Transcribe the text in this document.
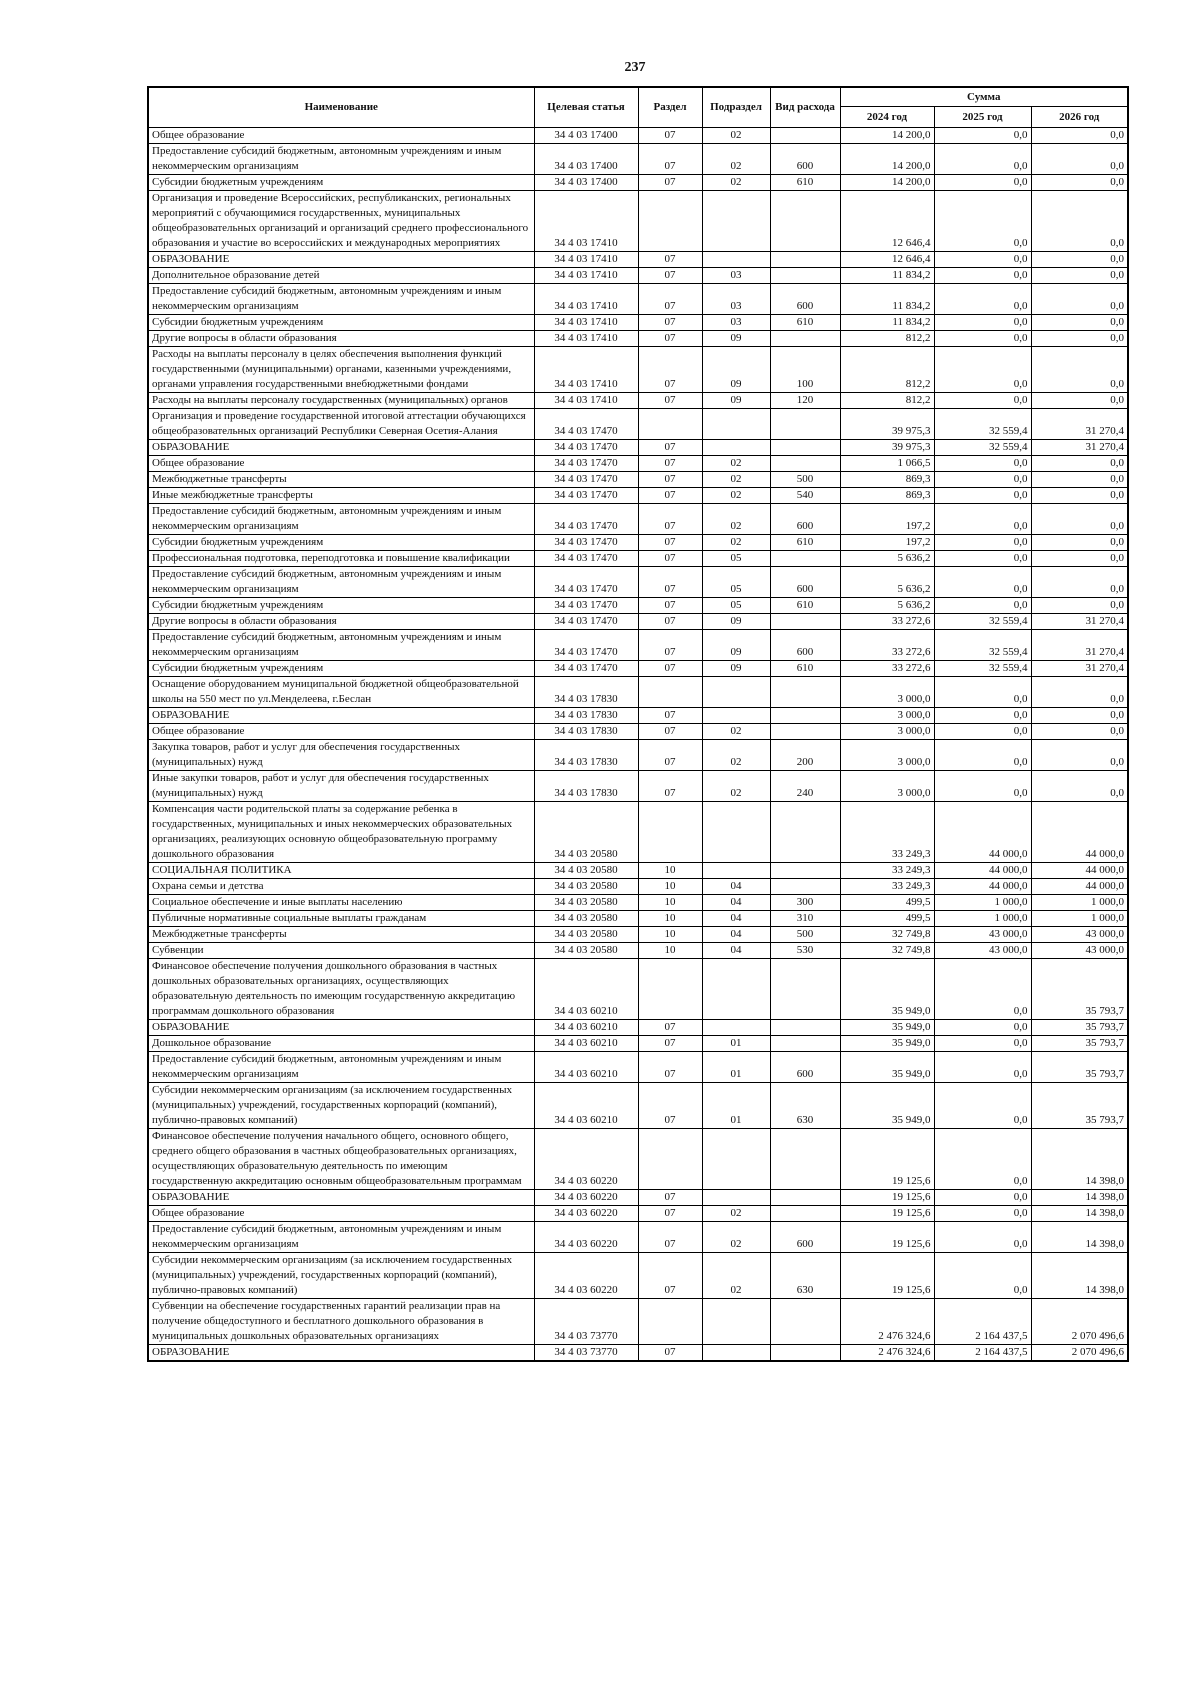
237
Наименование	Целевая статья	Раздел	Подраздел	Вид расхода	Сумма		
					2024 год	2025 год	2026 год
Общее образование	34 4 03 17400	07	02		14 200,0	0,0	0,0
Предоставление субсидий бюджетным, автономным учреждениям и иным некоммерческим организациям	34 4 03 17400	07	02	600	14 200,0	0,0	0,0
Субсидии бюджетным учреждениям	34 4 03 17400	07	02	610	14 200,0	0,0	0,0
Организация и проведение Всероссийских, республиканских, региональных мероприятий с обучающимися государственных, муниципальных общеобразовательных организаций и организаций среднего профессионального образования и участие во всероссийских и международных мероприятиях	34 4 03 17410				12 646,4	0,0	0,0
ОБРАЗОВАНИЕ	34 4 03 17410	07			12 646,4	0,0	0,0
Дополнительное образование детей	34 4 03 17410	07	03		11 834,2	0,0	0,0
Предоставление субсидий бюджетным, автономным учреждениям и иным некоммерческим организациям	34 4 03 17410	07	03	600	11 834,2	0,0	0,0
Субсидии бюджетным учреждениям	34 4 03 17410	07	03	610	11 834,2	0,0	0,0
Другие вопросы в области образования	34 4 03 17410	07	09		812,2	0,0	0,0
Расходы на выплаты персоналу в целях обеспечения выполнения функций государственными (муниципальными) органами, казенными учреждениями, органами управления государственными внебюджетными фондами	34 4 03 17410	07	09	100	812,2	0,0	0,0
Расходы на выплаты персоналу государственных (муниципальных) органов	34 4 03 17410	07	09	120	812,2	0,0	0,0
Организация и проведение государственной итоговой аттестации обучающихся общеобразовательных организаций Республики Северная Осетия-Алания	34 4 03 17470				39 975,3	32 559,4	31 270,4
ОБРАЗОВАНИЕ	34 4 03 17470	07			39 975,3	32 559,4	31 270,4
Общее образование	34 4 03 17470	07	02		1 066,5	0,0	0,0
Межбюджетные трансферты	34 4 03 17470	07	02	500	869,3	0,0	0,0
Иные межбюджетные трансферты	34 4 03 17470	07	02	540	869,3	0,0	0,0
Предоставление субсидий бюджетным, автономным учреждениям и иным некоммерческим организациям	34 4 03 17470	07	02	600	197,2	0,0	0,0
Субсидии бюджетным учреждениям	34 4 03 17470	07	02	610	197,2	0,0	0,0
Профессиональная подготовка, переподготовка и повышение квалификации	34 4 03 17470	07	05		5 636,2	0,0	0,0
Предоставление субсидий бюджетным, автономным учреждениям и иным некоммерческим организациям	34 4 03 17470	07	05	600	5 636,2	0,0	0,0
Субсидии бюджетным учреждениям	34 4 03 17470	07	05	610	5 636,2	0,0	0,0
Другие вопросы в области образования	34 4 03 17470	07	09		33 272,6	32 559,4	31 270,4
Предоставление субсидий бюджетным, автономным учреждениям и иным некоммерческим организациям	34 4 03 17470	07	09	600	33 272,6	32 559,4	31 270,4
Субсидии бюджетным учреждениям	34 4 03 17470	07	09	610	33 272,6	32 559,4	31 270,4
Оснащение оборудованием муниципальной бюджетной общеобразовательной школы на 550 мест по ул.Менделеева, г.Беслан	34 4 03 17830				3 000,0	0,0	0,0
ОБРАЗОВАНИЕ	34 4 03 17830	07			3 000,0	0,0	0,0
Общее образование	34 4 03 17830	07	02		3 000,0	0,0	0,0
Закупка товаров, работ и услуг для обеспечения государственных (муниципальных) нужд	34 4 03 17830	07	02	200	3 000,0	0,0	0,0
Иные закупки товаров, работ и услуг для обеспечения государственных (муниципальных) нужд	34 4 03 17830	07	02	240	3 000,0	0,0	0,0
Компенсация части родительской платы за содержание ребенка в государственных, муниципальных и иных некоммерческих образовательных организациях, реализующих основную общеобразовательную программу дошкольного образования	34 4 03 20580				33 249,3	44 000,0	44 000,0
СОЦИАЛЬНАЯ ПОЛИТИКА	34 4 03 20580	10			33 249,3	44 000,0	44 000,0
Охрана семьи и детства	34 4 03 20580	10	04		33 249,3	44 000,0	44 000,0
Социальное обеспечение и иные выплаты населению	34 4 03 20580	10	04	300	499,5	1 000,0	1 000,0
Публичные нормативные социальные выплаты гражданам	34 4 03 20580	10	04	310	499,5	1 000,0	1 000,0
Межбюджетные трансферты	34 4 03 20580	10	04	500	32 749,8	43 000,0	43 000,0
Субвенции	34 4 03 20580	10	04	530	32 749,8	43 000,0	43 000,0
Финансовое обеспечение получения дошкольного образования в частных дошкольных образовательных организациях, осуществляющих образовательную деятельность по имеющим государственную аккредитацию программам дошкольного образования	34 4 03 60210				35 949,0	0,0	35 793,7
ОБРАЗОВАНИЕ	34 4 03 60210	07			35 949,0	0,0	35 793,7
Дошкольное образование	34 4 03 60210	07	01		35 949,0	0,0	35 793,7
Предоставление субсидий бюджетным, автономным учреждениям и иным некоммерческим организациям	34 4 03 60210	07	01	600	35 949,0	0,0	35 793,7
Субсидии некоммерческим организациям (за исключением государственных (муниципальных) учреждений, государственных корпораций (компаний), публично-правовых компаний)	34 4 03 60210	07	01	630	35 949,0	0,0	35 793,7
Финансовое обеспечение получения начального общего, основного общего, среднего общего образования в частных общеобразовательных организациях, осуществляющих образовательную деятельность по имеющим государственную аккредитацию основным общеобразовательным программам	34 4 03 60220				19 125,6	0,0	14 398,0
ОБРАЗОВАНИЕ	34 4 03 60220	07			19 125,6	0,0	14 398,0
Общее образование	34 4 03 60220	07	02		19 125,6	0,0	14 398,0
Предоставление субсидий бюджетным, автономным учреждениям и иным некоммерческим организациям	34 4 03 60220	07	02	600	19 125,6	0,0	14 398,0
Субсидии некоммерческим организациям (за исключением государственных (муниципальных) учреждений, государственных корпораций (компаний), публично-правовых компаний)	34 4 03 60220	07	02	630	19 125,6	0,0	14 398,0
Субвенции на обеспечение государственных гарантий реализации прав на получение общедоступного и бесплатного дошкольного образования в муниципальных дошкольных образовательных организациях	34 4 03 73770				2 476 324,6	2 164 437,5	2 070 496,6
ОБРАЗОВАНИЕ	34 4 03 73770	07			2 476 324,6	2 164 437,5	2 070 496,6
